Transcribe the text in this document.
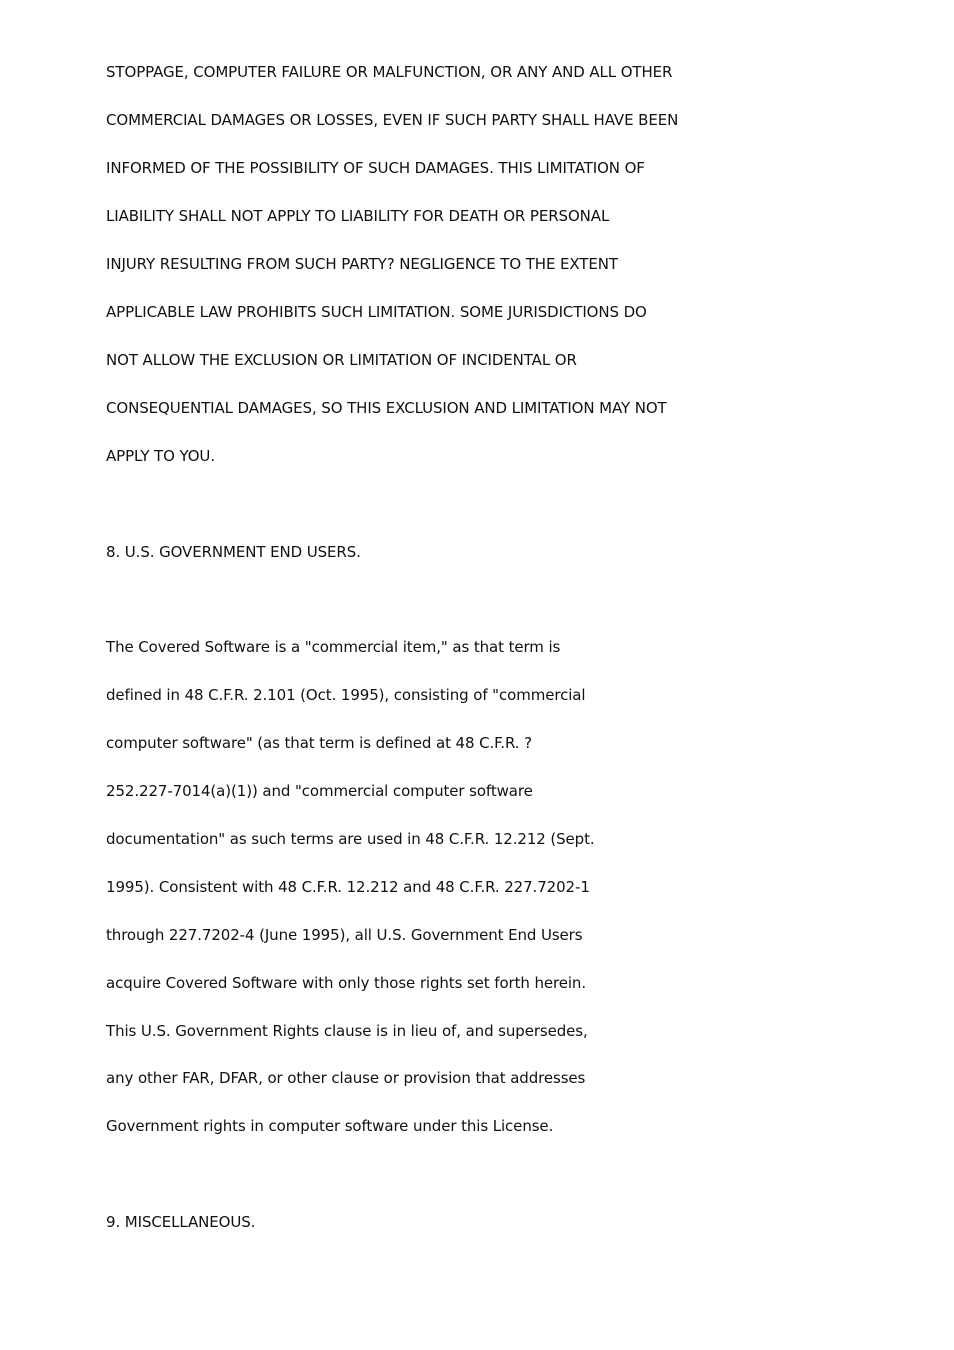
STOPPAGE, COMPUTER FAILURE OR MALFUNCTION, OR ANY AND ALL OTHER
COMMERCIAL DAMAGES OR LOSSES, EVEN IF SUCH PARTY SHALL HAVE BEEN
INFORMED OF THE POSSIBILITY OF SUCH DAMAGES. THIS LIMITATION OF
LIABILITY SHALL NOT APPLY TO LIABILITY FOR DEATH OR PERSONAL
INJURY RESULTING FROM SUCH PARTY? NEGLIGENCE TO THE EXTENT
APPLICABLE LAW PROHIBITS SUCH LIMITATION. SOME JURISDICTIONS DO
NOT ALLOW THE EXCLUSION OR LIMITATION OF INCIDENTAL OR
CONSEQUENTIAL DAMAGES, SO THIS EXCLUSION AND LIMITATION MAY NOT
APPLY TO YOU.
8. U.S. GOVERNMENT END USERS.
The Covered Software is a "commercial item," as that term is
defined in 48 C.F.R. 2.101 (Oct. 1995), consisting of "commercial
computer software" (as that term is defined at 48 C.F.R. ?
252.227-7014(a)(1)) and "commercial computer software
documentation" as such terms are used in 48 C.F.R. 12.212 (Sept.
1995). Consistent with 48 C.F.R. 12.212 and 48 C.F.R. 227.7202-1
through 227.7202-4 (June 1995), all U.S. Government End Users
acquire Covered Software with only those rights set forth herein.
This U.S. Government Rights clause is in lieu of, and supersedes,
any other FAR, DFAR, or other clause or provision that addresses
Government rights in computer software under this License.
9. MISCELLANEOUS.
